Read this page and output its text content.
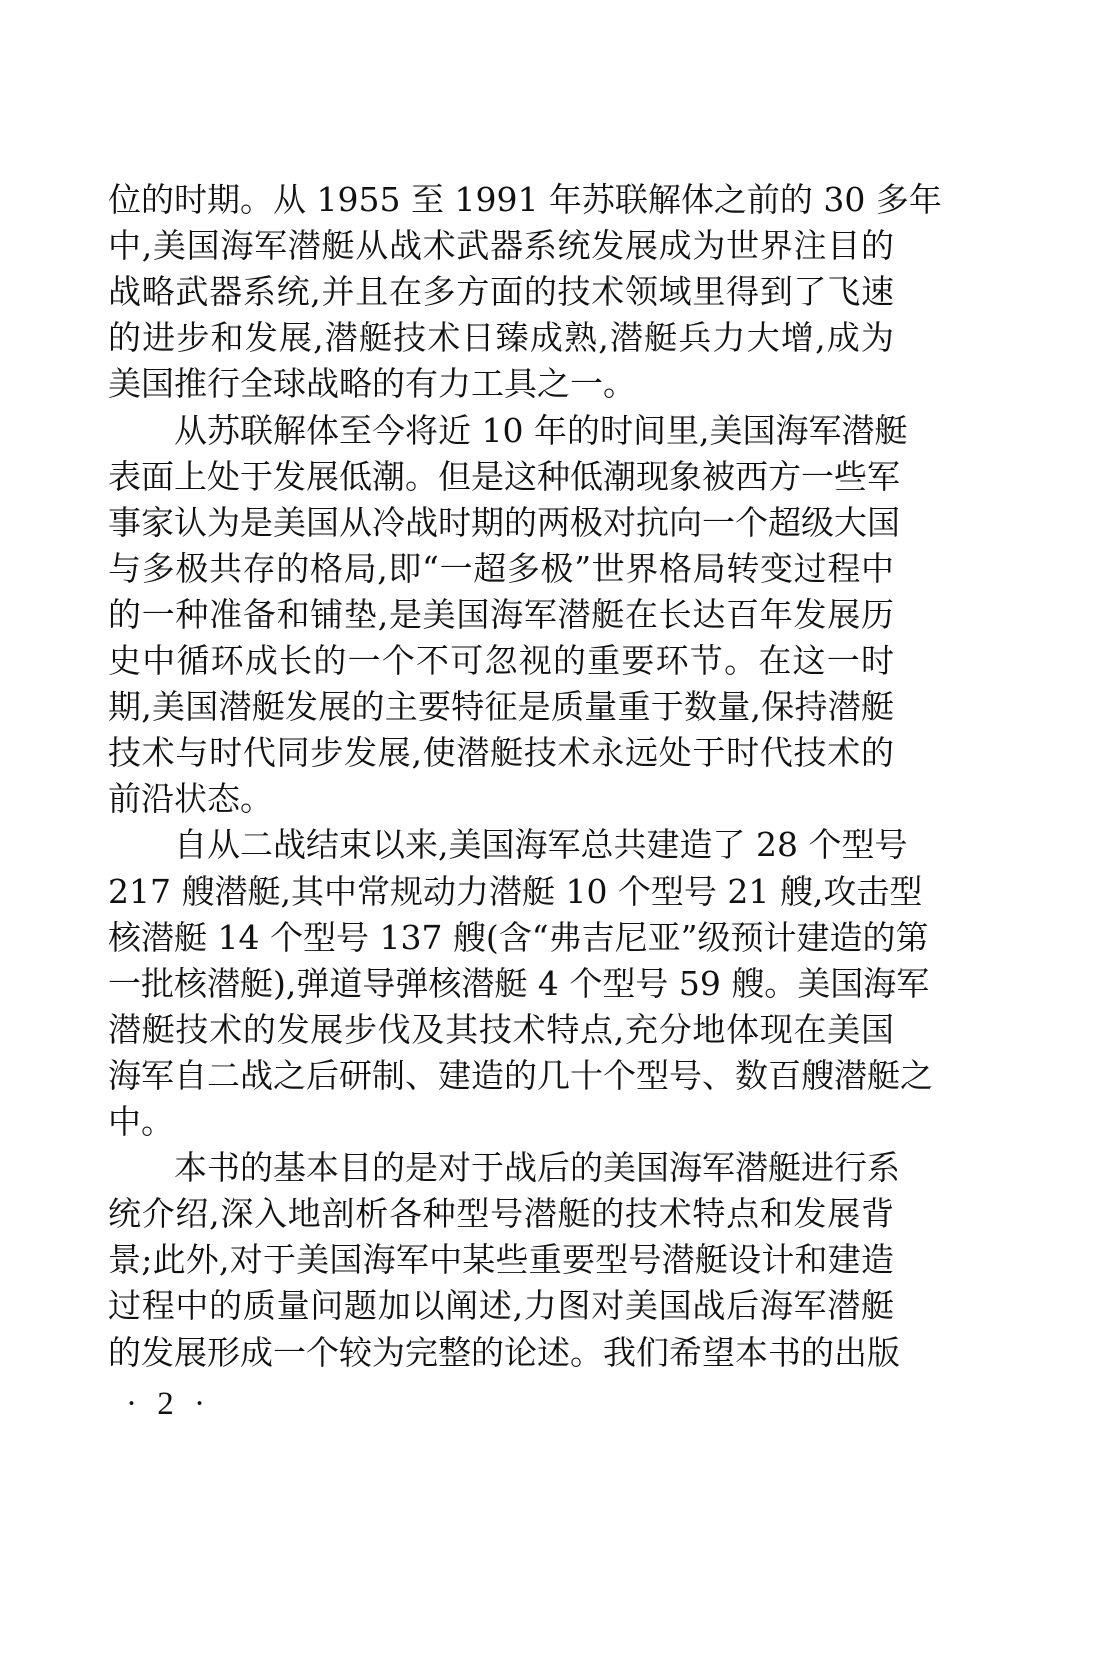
位的时期。从 1955 至 1991 年苏联解体之前的 30 多年
中,美国海军潜艇从战术武器系统发展成为世界注目的
战略武器系统,并且在多方面的技术领域里得到了飞速
的进步和发展,潜艇技术日臻成熟,潜艇兵力大增,成为
美国推行全球战略的有力工具之一。
从苏联解体至今将近 10 年的时间里,美国海军潜艇
表面上处于发展低潮。但是这种低潮现象被西方一些军
事家认为是美国从冷战时期的两极对抗向一个超级大国
与多极共存的格局,即“一超多极”世界格局转变过程中
的一种准备和铺垫,是美国海军潜艇在长达百年发展历
史中循环成长的一个不可忽视的重要环节。在这一时
期,美国潜艇发展的主要特征是质量重于数量,保持潜艇
技术与时代同步发展,使潜艇技术永远处于时代技术的
前沿状态。
自从二战结束以来,美国海军总共建造了 28 个型号
217 艘潜艇,其中常规动力潜艇 10 个型号 21 艘,攻击型
核潜艇 14 个型号 137 艘(含“弗吉尼亚”级预计建造的第
一批核潜艇),弹道导弹核潜艇 4 个型号 59 艘。美国海军
潜艇技术的发展步伐及其技术特点,充分地体现在美国
海军自二战之后研制、建造的几十个型号、数百艘潜艇之
中。
本书的基本目的是对于战后的美国海军潜艇进行系
统介绍,深入地剖析各种型号潜艇的技术特点和发展背
景;此外,对于美国海军中某些重要型号潜艇设计和建造
过程中的质量问题加以阐述,力图对美国战后海军潜艇
的发展形成一个较为完整的论述。我们希望本书的出版
· 2 ·
